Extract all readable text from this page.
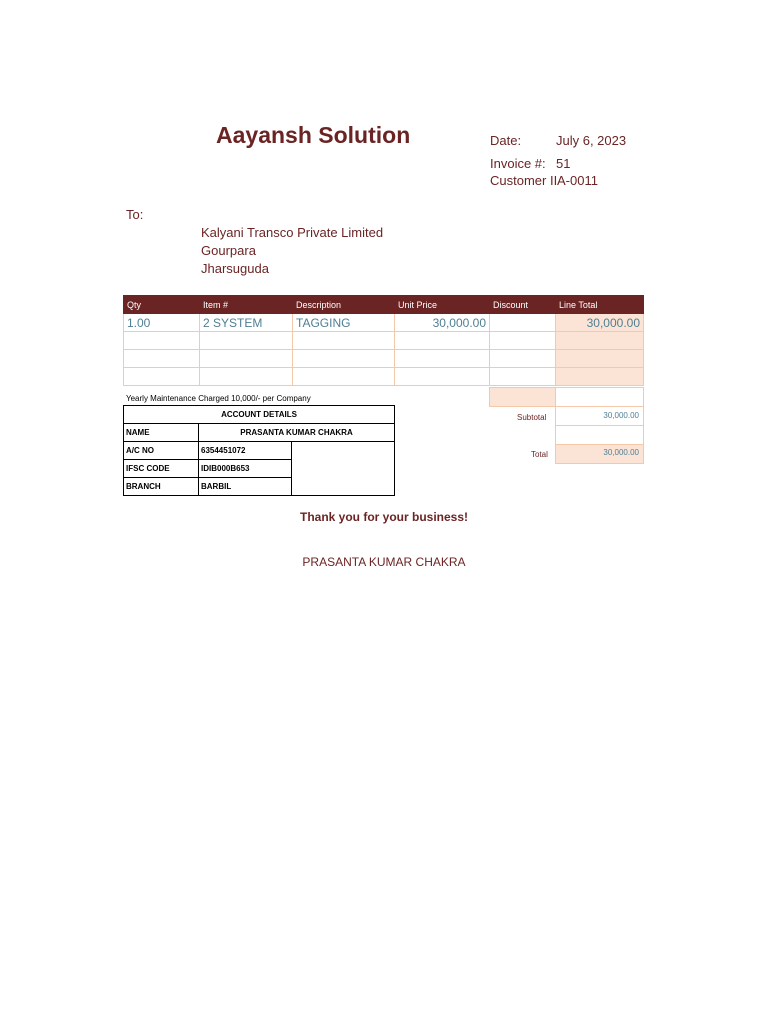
Aayansh Solution	Date:	July 6, 2023
Invoice #: 51
Customer II A-0011
To:
Kalyani Transco Private Limited
Gourpara
Jharsuguda
Qty	Item #	Description	Unit Price	Discount	Line Total
1.00	2 SYSTEM	TAGGING	30,000.00		30,000.00

Yearly Maintenance Charged 10,000/- per Company
Subtotal	30,000.00
Total	30,000.00
ACCOUNT DETAILS		
NAME	PRASANTA KUMAR CHAKRA	
A/C NO	6354451072	
IFSC CODE	IDIB000B653	
BRANCH	BARBIL	
Thank you for your business!
PRASANTA KUMAR CHAKRA
